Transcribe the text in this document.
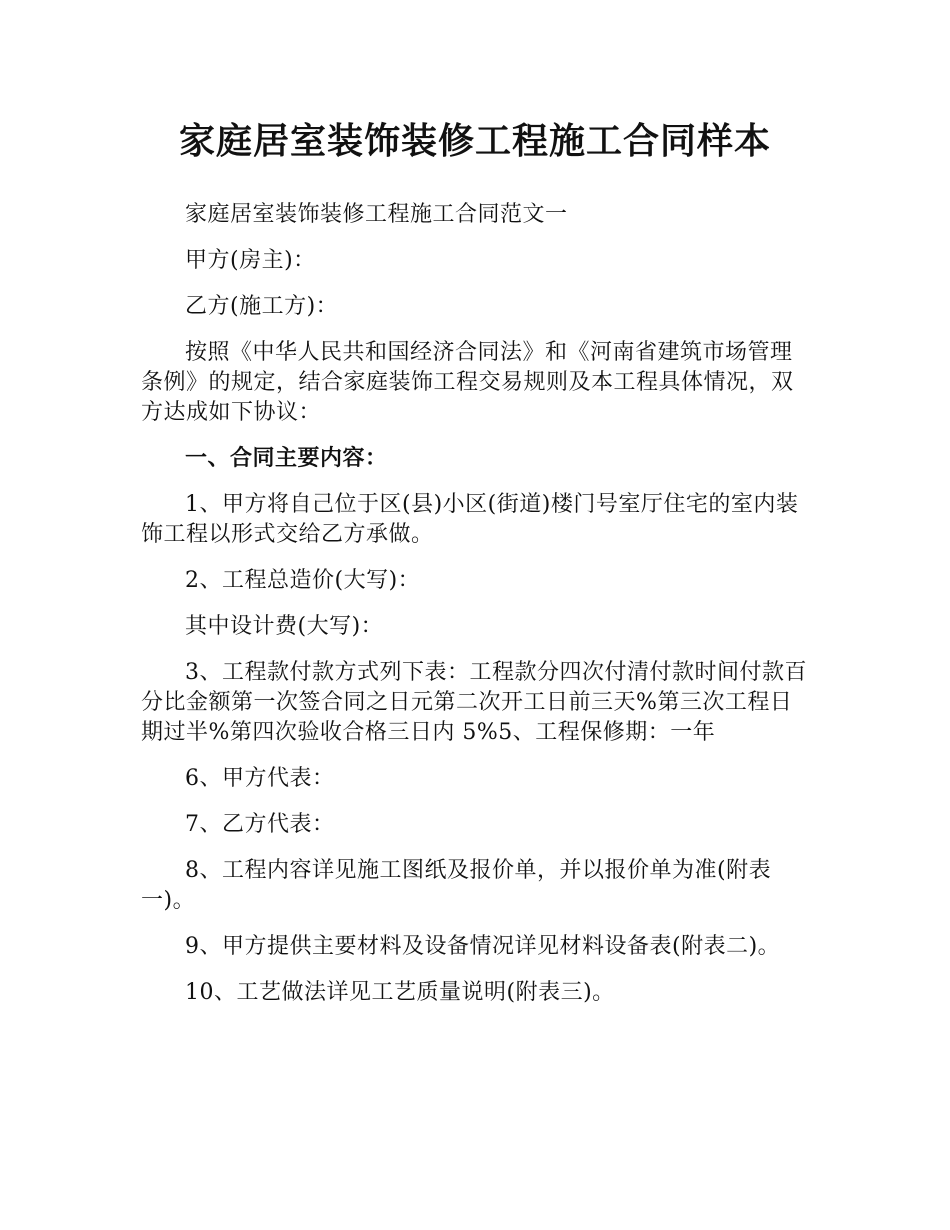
家庭居室装饰装修工程施工合同样本

家庭居室装饰装修工程施工合同范文一

甲方(房主)：

乙方(施工方)：

按照《中华人民共和国经济合同法》和《河南省建筑市场管理条例》的规定，结合家庭装饰工程交易规则及本工程具体情况，双方达成如下协议：

一、合同主要内容：

1、甲方将自己位于区(县)小区(街道)楼门号室厅住宅的室内装饰工程以形式交给乙方承做。

2、工程总造价(大写)：

其中设计费(大写)：

3、工程款付款方式列下表：工程款分四次付清付款时间付款百分比金额第一次签合同之日元第二次开工日前三天%第三次工程日期过半%第四次验收合格三日内 5%5、工程保修期：一年

6、甲方代表：

7、乙方代表：

8、工程内容详见施工图纸及报价单，并以报价单为准(附表一)。

9、甲方提供主要材料及设备情况详见材料设备表(附表二)。

10、工艺做法详见工艺质量说明(附表三)。
